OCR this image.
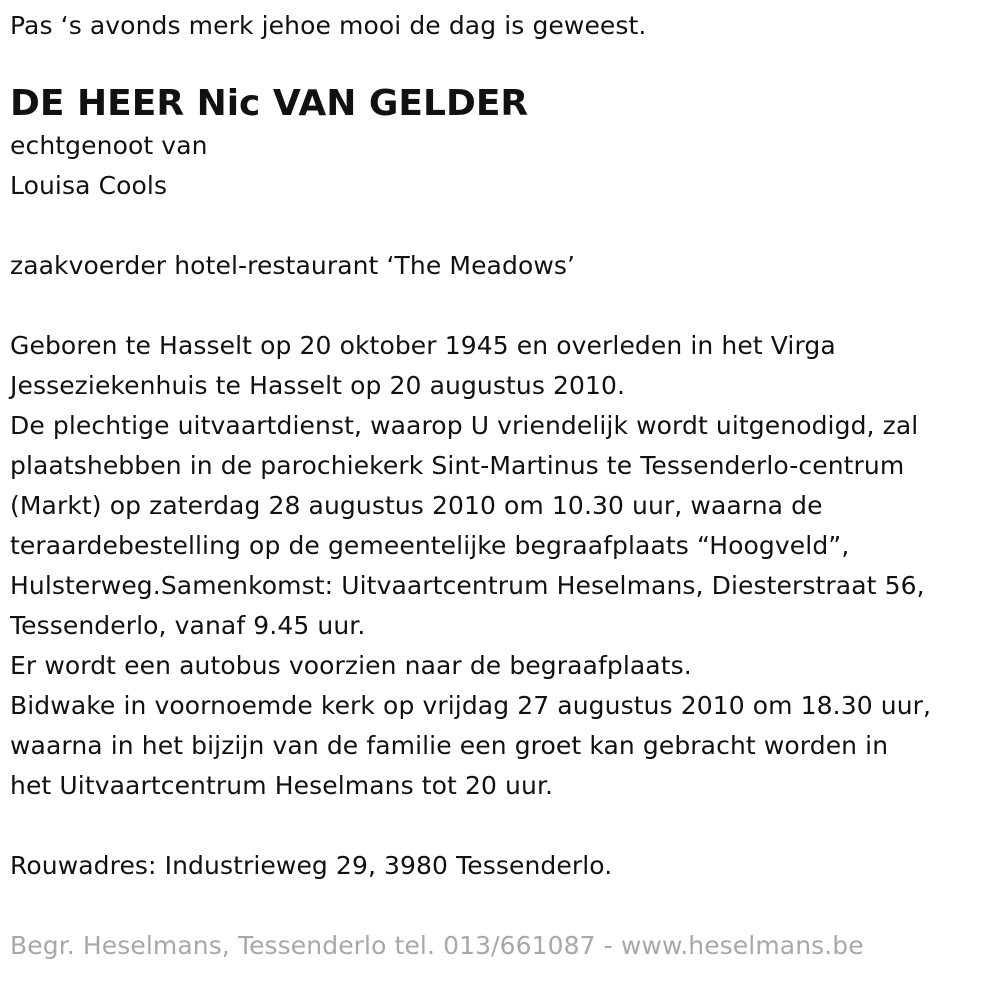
Pas ‘s avonds merk jehoe mooi de dag is geweest.
DE HEER Nic VAN GELDER
echtgenoot van
Louisa Cools
zaakvoerder hotel-restaurant ‘The Meadows’
Geboren te Hasselt op 20 oktober 1945 en overleden in het Virga
Jesseziekenhuis te Hasselt op 20 augustus 2010.
De plechtige uitvaartdienst, waarop U vriendelijk wordt uitgenodigd, zal
plaatshebben in de parochiekerk Sint-Martinus te Tessenderlo-centrum
(Markt) op zaterdag 28 augustus 2010 om 10.30 uur, waarna de
teraardebestelling op de gemeentelijke begraafplaats “Hoogveld”,
Hulsterweg.Samenkomst: Uitvaartcentrum Heselmans, Diesterstraat 56,
Tessenderlo, vanaf 9.45 uur.
Er wordt een autobus voorzien naar de begraafplaats.
Bidwake in voornoemde kerk op vrijdag 27 augustus 2010 om 18.30 uur,
waarna in het bijzijn van de familie een groet kan gebracht worden in
het Uitvaartcentrum Heselmans tot 20 uur.
Rouwadres: Industrieweg 29, 3980 Tessenderlo.
Begr. Heselmans, Tessenderlo tel. 013/661087 - www.heselmans.be
